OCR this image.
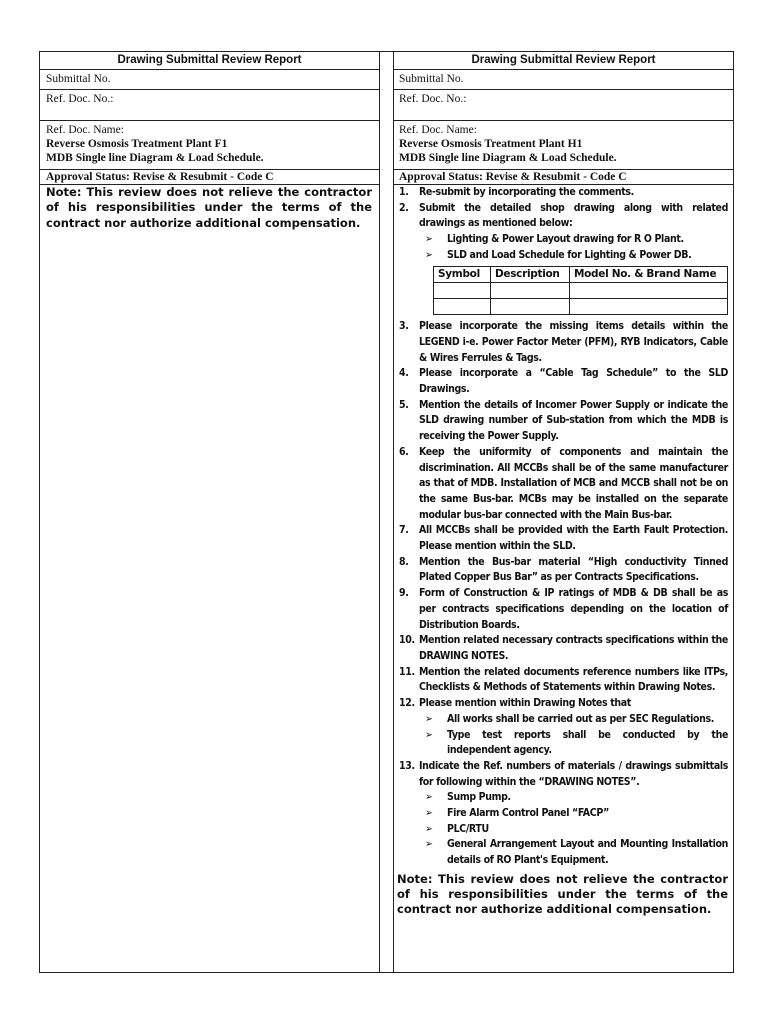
Drawing Submittal Review Report
Submittal No.
Ref. Doc. No.:
Ref. Doc. Name:
Reverse Osmosis Treatment Plant F1
MDB Single line Diagram & Load Schedule.
Approval Status: Revise & Resubmit - Code C
Note: This review does not relieve the contractor of his responsibilities under the terms of the contract nor authorize additional compensation.
Drawing Submittal Review Report
Submittal No.
Ref. Doc. No.:
Ref. Doc. Name:
Reverse Osmosis Treatment Plant H1
MDB Single line Diagram & Load Schedule.
Approval Status: Revise & Resubmit - Code C
1. Re-submit by incorporating the comments.
2. Submit the detailed shop drawing along with related drawings as mentioned below:
➢ Lighting & Power Layout drawing for R O Plant.
➢ SLD and Load Schedule for Lighting & Power DB.
Symbol	Description	Model No. & Brand Name

3. Please incorporate the missing items details within the LEGEND i-e. Power Factor Meter (PFM), RYB Indicators, Cable & Wires Ferrules & Tags.
4. Please incorporate a “Cable Tag Schedule” to the SLD Drawings.
5. Mention the details of Incomer Power Supply or indicate the SLD drawing number of Sub-station from which the MDB is receiving the Power Supply.
6. Keep the uniformity of components and maintain the discrimination. All MCCBs shall be of the same manufacturer as that of MDB. Installation of MCB and MCCB shall not be on the same Bus-bar. MCBs may be installed on the separate modular bus-bar connected with the Main Bus-bar.
7. All MCCBs shall be provided with the Earth Fault Protection. Please mention within the SLD.
8. Mention the Bus-bar material “High conductivity Tinned Plated Copper Bus Bar” as per Contracts Specifications.
9. Form of Construction & IP ratings of MDB & DB shall be as per contracts specifications depending on the location of Distribution Boards.
10. Mention related necessary contracts specifications within the DRAWING NOTES.
11. Mention the related documents reference numbers like ITPs, Checklists & Methods of Statements within Drawing Notes.
12. Please mention within Drawing Notes that
➢ All works shall be carried out as per SEC Regulations.
➢ Type test reports shall be conducted by the independent agency.
13. Indicate the Ref. numbers of materials / drawings submittals for following within the “DRAWING NOTES”.
➢ Sump Pump.
➢ Fire Alarm Control Panel “FACP”
➢ PLC/RTU
➢ General Arrangement Layout and Mounting Installation details of RO Plant's Equipment.
Note: This review does not relieve the contractor of his responsibilities under the terms of the contract nor authorize additional compensation.
